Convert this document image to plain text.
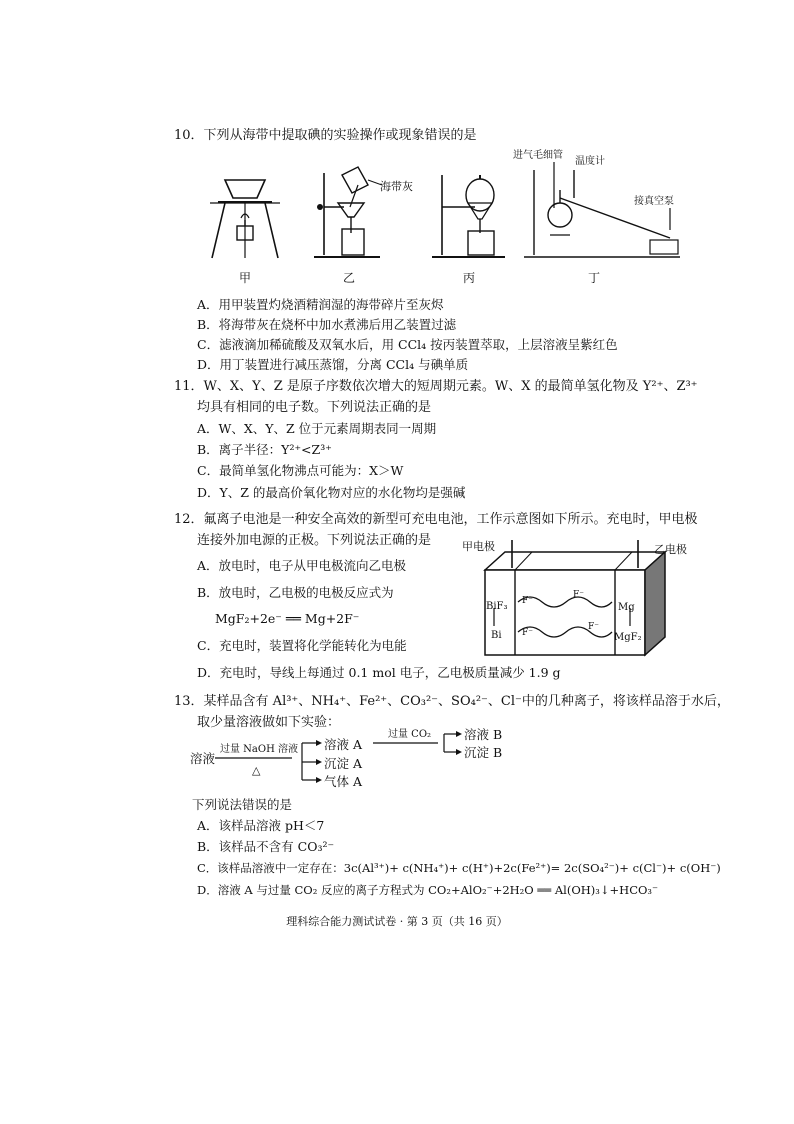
10．下列从海带中提取碘的实验操作或现象错误的是
甲
海带灰
乙	丙
进气毛细管
温度计
接真空泵
丁
A．用甲装置灼烧酒精润湿的海带碎片至灰烬
B．将海带灰在烧杯中加水煮沸后用乙装置过滤
C．滤液滴加稀硫酸及双氧水后，用 CCl₄ 按丙装置萃取，上层溶液呈紫红色
D．用丁装置进行减压蒸馏，分离 CCl₄ 与碘单质
11．W、X、Y、Z 是原子序数依次增大的短周期元素。W、X 的最简单氢化物及 Y²⁺、Z³⁺
均具有相同的电子数。下列说法正确的是
A．W、X、Y、Z 位于元素周期表同一周期
B．离子半径：Y²⁺<Z³⁺
C．最简单氢化物沸点可能为：X＞W
D．Y、Z 的最高价氧化物对应的水化物均是强碱
12．氟离子电池是一种安全高效的新型可充电电池，工作示意图如下所示。充电时，甲电极
连接外加电源的正极。下列说法正确的是
A．放电时，电子从甲电极流向乙电极
B．放电时，乙电极的电极反应式为
MgF₂+2e⁻ ══ Mg+2F⁻
C．充电时，装置将化学能转化为电能
D．充电时，导线上每通过 0.1 mol 电子，乙电极质量减少 1.9 g
甲电极	乙电极
BiF₃
Bi
Mg
MgF₂
F⁻
F⁻
F⁻
F⁻
13．某样品含有 Al³⁺、NH₄⁺、Fe²⁺、CO₃²⁻、SO₄²⁻、Cl⁻中的几种离子，将该样品溶于水后，
取少量溶液做如下实验：
溶液
过量 NaOH 溶液
△
溶液 A
沉淀 A
气体 A
过量 CO₂	溶液 B
沉淀 B
下列说法错误的是
A．该样品溶液 pH＜7
B．该样品不含有 CO₃²⁻
C．该样品溶液中一定存在：3c(Al³⁺)+ c(NH₄⁺)+ c(H⁺)+2c(Fe²⁺)= 2c(SO₄²⁻)+ c(Cl⁻)+ c(OH⁻)
D．溶液 A 与过量 CO₂ 反应的离子方程式为 CO₂+AlO₂⁻+2H₂O ══ Al(OH)₃↓+HCO₃⁻
理科综合能力测试试卷 · 第 3 页（共 16 页）
